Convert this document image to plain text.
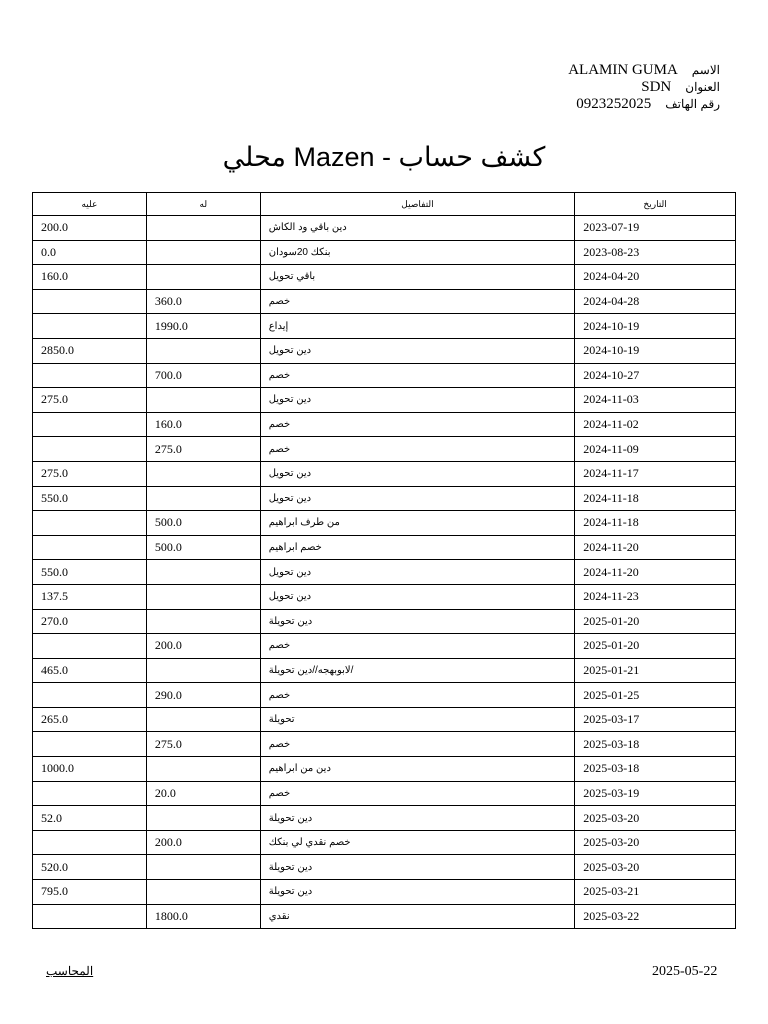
ALAMIN GUMA الاسم
SDN العنوان
0923252025 رقم الهاتف
كشف حساب - Mazen محلي
عليه	له	التفاصيل	التاريخ
200.0		دين باقي ود الكاش	2023-07-19
0.0		بنكك 20سودان	2023-08-23
160.0		باقي تحويل	2024-04-20
	360.0	خصم	2024-04-28
	1990.0	إيداع	2024-10-19
2850.0		دين تحويل	2024-10-19
	700.0	خصم	2024-10-27
275.0		دين تحويل	2024-11-03
	160.0	خصم	2024-11-02
	275.0	خصم	2024-11-09
275.0		دين تحويل	2024-11-17
550.0		دين تحويل	2024-11-18
	500.0	من طرف ابراهيم	2024-11-18
	500.0	خصم ابراهيم	2024-11-20
550.0		دين تحويل	2024-11-20
137.5		دين تحويل	2024-11-23
270.0		دين تحويلة	2025-01-20
	200.0	خصم	2025-01-20
465.0		/لابوبهجه//دين تحويلة	2025-01-21
	290.0	خصم	2025-01-25
265.0		تحويلة	2025-03-17
	275.0	خصم	2025-03-18
1000.0		دين من ابراهيم	2025-03-18
	20.0	خصم	2025-03-19
52.0		دين تحويلة	2025-03-20
	200.0	خصم نقدي لي بنكك	2025-03-20
520.0		دين تحويلة	2025-03-20
795.0		دين تحويلة	2025-03-21
	1800.0	نقدي	2025-03-22
المحاسب	2025-05-22
